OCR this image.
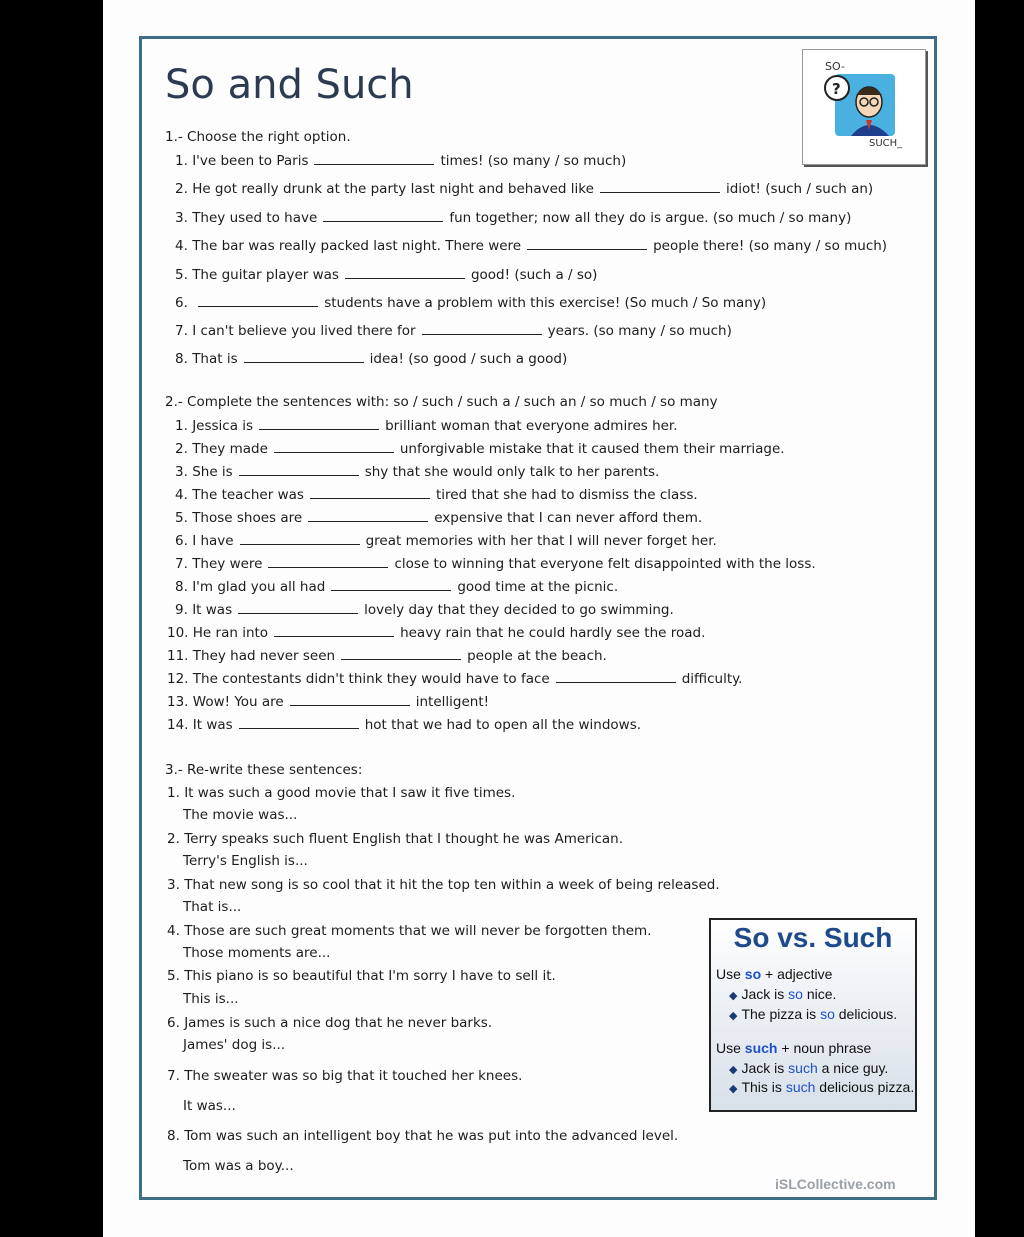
So and Such	SO-
?
SUCH_
1.- Choose the right option.
2.- Complete the sentences with: so / such / such a / such an / so much / so many
3.- Re-write these sentences:
So vs. Such
Use so + adjective
◆ Jack is so nice.
◆ The pizza is so delicious.
Use such + noun phrase
◆ Jack is such a nice guy.
◆ This is such delicious pizza.
iSLCollective.com
1. I've been to Paris	times! (so many / so much)
2. He got really drunk at the party last night and behaved like	idiot! (such / such an)
3. They used to have	fun together; now all they do is argue. (so much / so many)
4. The bar was really packed last night. There were	people there! (so many / so much)
5. The guitar player was	good! (such a / so)
6.	students have a problem with this exercise! (So much / So many)
7. I can't believe you lived there for	years. (so many / so much)
8. That is	idea! (so good / such a good)
1. Jessica is	brilliant woman that everyone admires her.
2. They made	unforgivable mistake that it caused them their marriage.
3. She is	shy that she would only talk to her parents.
4. The teacher was	tired that she had to dismiss the class.
5. Those shoes are	expensive that I can never afford them.
6. I have	great memories with her that I will never forget her.
7. They were	close to winning that everyone felt disappointed with the loss.
8. I'm glad you all had	good time at the picnic.
9. It was	lovely day that they decided to go swimming.
10. He ran into	heavy rain that he could hardly see the road.
11. They had never seen	people at the beach.
12. The contestants didn't think they would have to face	difficulty.
13. Wow! You are	intelligent!
14. It was	hot that we had to open all the windows.
1. It was such a good movie that I saw it five times.
The movie was...
2. Terry speaks such fluent English that I thought he was American.
Terry's English is...
3. That new song is so cool that it hit the top ten within a week of being released.
That is...
4. Those are such great moments that we will never be forgotten them.
Those moments are...
5. This piano is so beautiful that I'm sorry I have to sell it.
This is...
6. James is such a nice dog that he never barks.
James' dog is...
7. The sweater was so big that it touched her knees.
It was...
8. Tom was such an intelligent boy that he was put into the advanced level.
Tom was a boy...
